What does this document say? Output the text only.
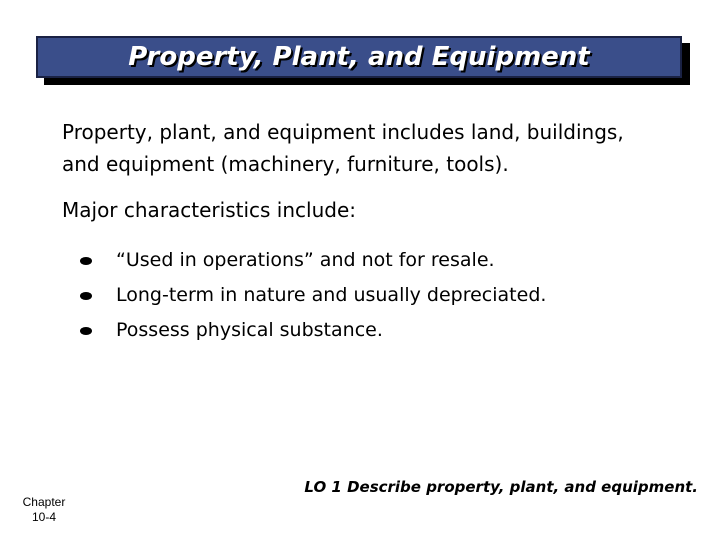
Property, Plant, and Equipment
Property, plant, and equipment includes land, buildings,
and equipment (machinery, furniture, tools).
Major characteristics include:
“Used in operations” and not for resale.
Long-term in nature and usually depreciated.
Possess physical substance.
Chapter
10-4
LO 1 Describe property, plant, and equipment.
